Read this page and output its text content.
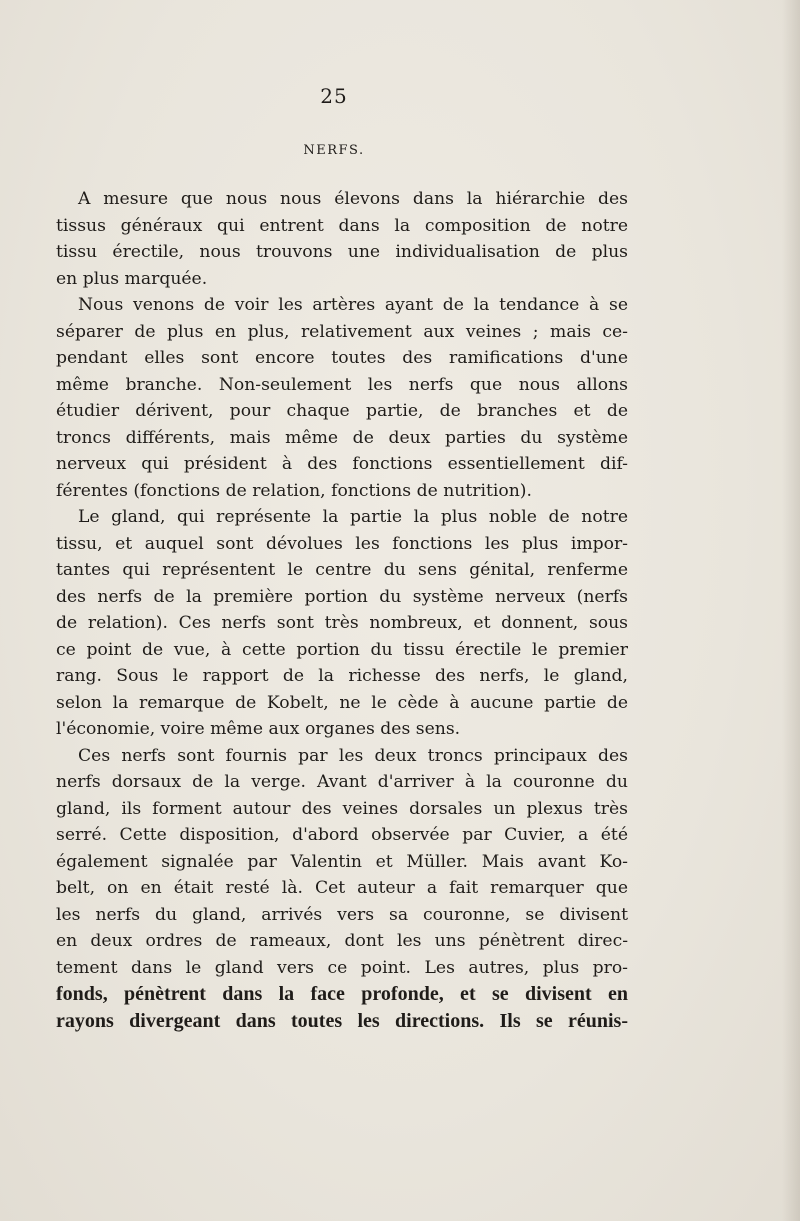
25
NERFS.
A mesure que nous nous élevons dans la hiérarchie des
tissus généraux qui entrent dans la composition de notre
tissu érectile, nous trouvons une individualisation de plus
en plus marquée.
Nous venons de voir les artères ayant de la tendance à se
séparer de plus en plus, relativement aux veines ; mais ce-
pendant elles sont encore toutes des ramifications d'une
même branche. Non-seulement les nerfs que nous allons
étudier dérivent, pour chaque partie, de branches et de
troncs différents, mais même de deux parties du système
nerveux qui président à des fonctions essentiellement dif-
férentes (fonctions de relation, fonctions de nutrition).
Le gland, qui représente la partie la plus noble de notre
tissu, et auquel sont dévolues les fonctions les plus impor-
tantes qui représentent le centre du sens génital, renferme
des nerfs de la première portion du système nerveux (nerfs
de relation). Ces nerfs sont très nombreux, et donnent, sous
ce point de vue, à cette portion du tissu érectile le premier
rang. Sous le rapport de la richesse des nerfs, le gland,
selon la remarque de Kobelt, ne le cède à aucune partie de
l'économie, voire même aux organes des sens.
Ces nerfs sont fournis par les deux troncs principaux des
nerfs dorsaux de la verge. Avant d'arriver à la couronne du
gland, ils forment autour des veines dorsales un plexus très
serré. Cette disposition, d'abord observée par Cuvier, a été
également signalée par Valentin et Müller. Mais avant Ko-
belt, on en était resté là. Cet auteur a fait remarquer que
les nerfs du gland, arrivés vers sa couronne, se divisent
en deux ordres de rameaux, dont les uns pénètrent direc-
tement dans le gland vers ce point. Les autres, plus pro-
fonds, pénètrent dans la face profonde, et se divisent en
rayons divergeant dans toutes les directions. Ils se réunis-
